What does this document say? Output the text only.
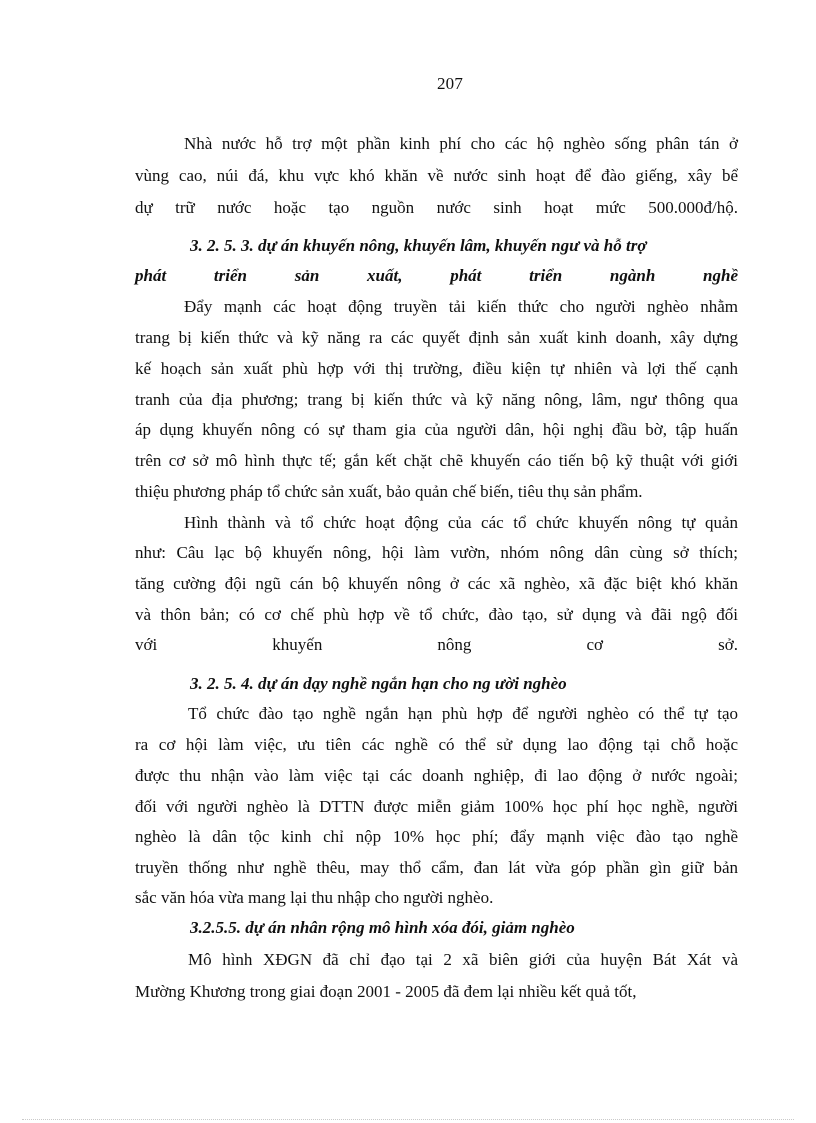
207
Nhà nước hỗ trợ một phần kinh phí cho các hộ nghèo sống phân tán ở
vùng cao, núi đá, khu vực khó khăn về nước sinh hoạt để đào giếng, xây bể
dự trữ nước hoặc tạo nguồn nước sinh hoạt mức 500.000đ/hộ.
3. 2. 5. 3. dự án khuyến nông, khuyến lâm, khuyến ngư và hỗ trợ
phát triển sản xuất, phát triển ngành nghề
Đẩy mạnh các hoạt động truyền tải kiến thức cho người nghèo nhằm
trang bị kiến thức và kỹ năng ra các quyết định sản xuất kinh doanh, xây dựng
kế hoạch sản xuất phù hợp với thị trường, điều kiện tự nhiên và lợi thế cạnh
tranh của địa phương; trang bị kiến thức và kỹ năng nông, lâm, ngư thông qua
áp dụng khuyến nông có sự tham gia của người dân, hội nghị đầu bờ, tập huấn
trên cơ sở mô hình thực tế; gắn kết chặt chẽ khuyến cáo tiến bộ kỹ thuật với giới
thiệu phương pháp tổ chức sản xuất, bảo quản chế biến, tiêu thụ sản phẩm.
Hình thành và tổ chức hoạt động của các tổ chức khuyến nông tự quản
như: Câu lạc bộ khuyến nông, hội làm vườn, nhóm nông dân cùng sở thích;
tăng cường đội ngũ cán bộ khuyến nông ở các xã nghèo, xã đặc biệt khó khăn
và thôn bản; có cơ chế phù hợp về tổ chức, đào tạo, sử dụng và đãi ngộ đối
với khuyến nông cơ sở.
3. 2. 5. 4. dự án dạy nghề ngắn hạn cho ng ười nghèo
Tổ chức đào tạo nghề ngắn hạn phù hợp để người nghèo có thể tự tạo
ra cơ hội làm việc, ưu tiên các nghề có thể sử dụng lao động tại chỗ hoặc
được thu nhận vào làm việc tại các doanh nghiệp, đi lao động ở nước ngoài;
đối với người nghèo là DTTN được miễn giảm 100% học phí học nghề, người
nghèo là dân tộc kinh chỉ nộp 10% học phí; đẩy mạnh việc đào tạo nghề
truyền thống như nghề thêu, may thổ cẩm, đan lát vừa góp phần gìn giữ bản
sắc văn hóa vừa mang lại thu nhập cho người nghèo.
3.2.5.5. dự án nhân rộng mô hình xóa đói, giảm nghèo
Mô hình XĐGN đã chỉ đạo tại 2 xã biên giới của huyện Bát Xát và
Mường Khương trong giai đoạn 2001 - 2005 đã đem lại nhiều kết quả tốt,
